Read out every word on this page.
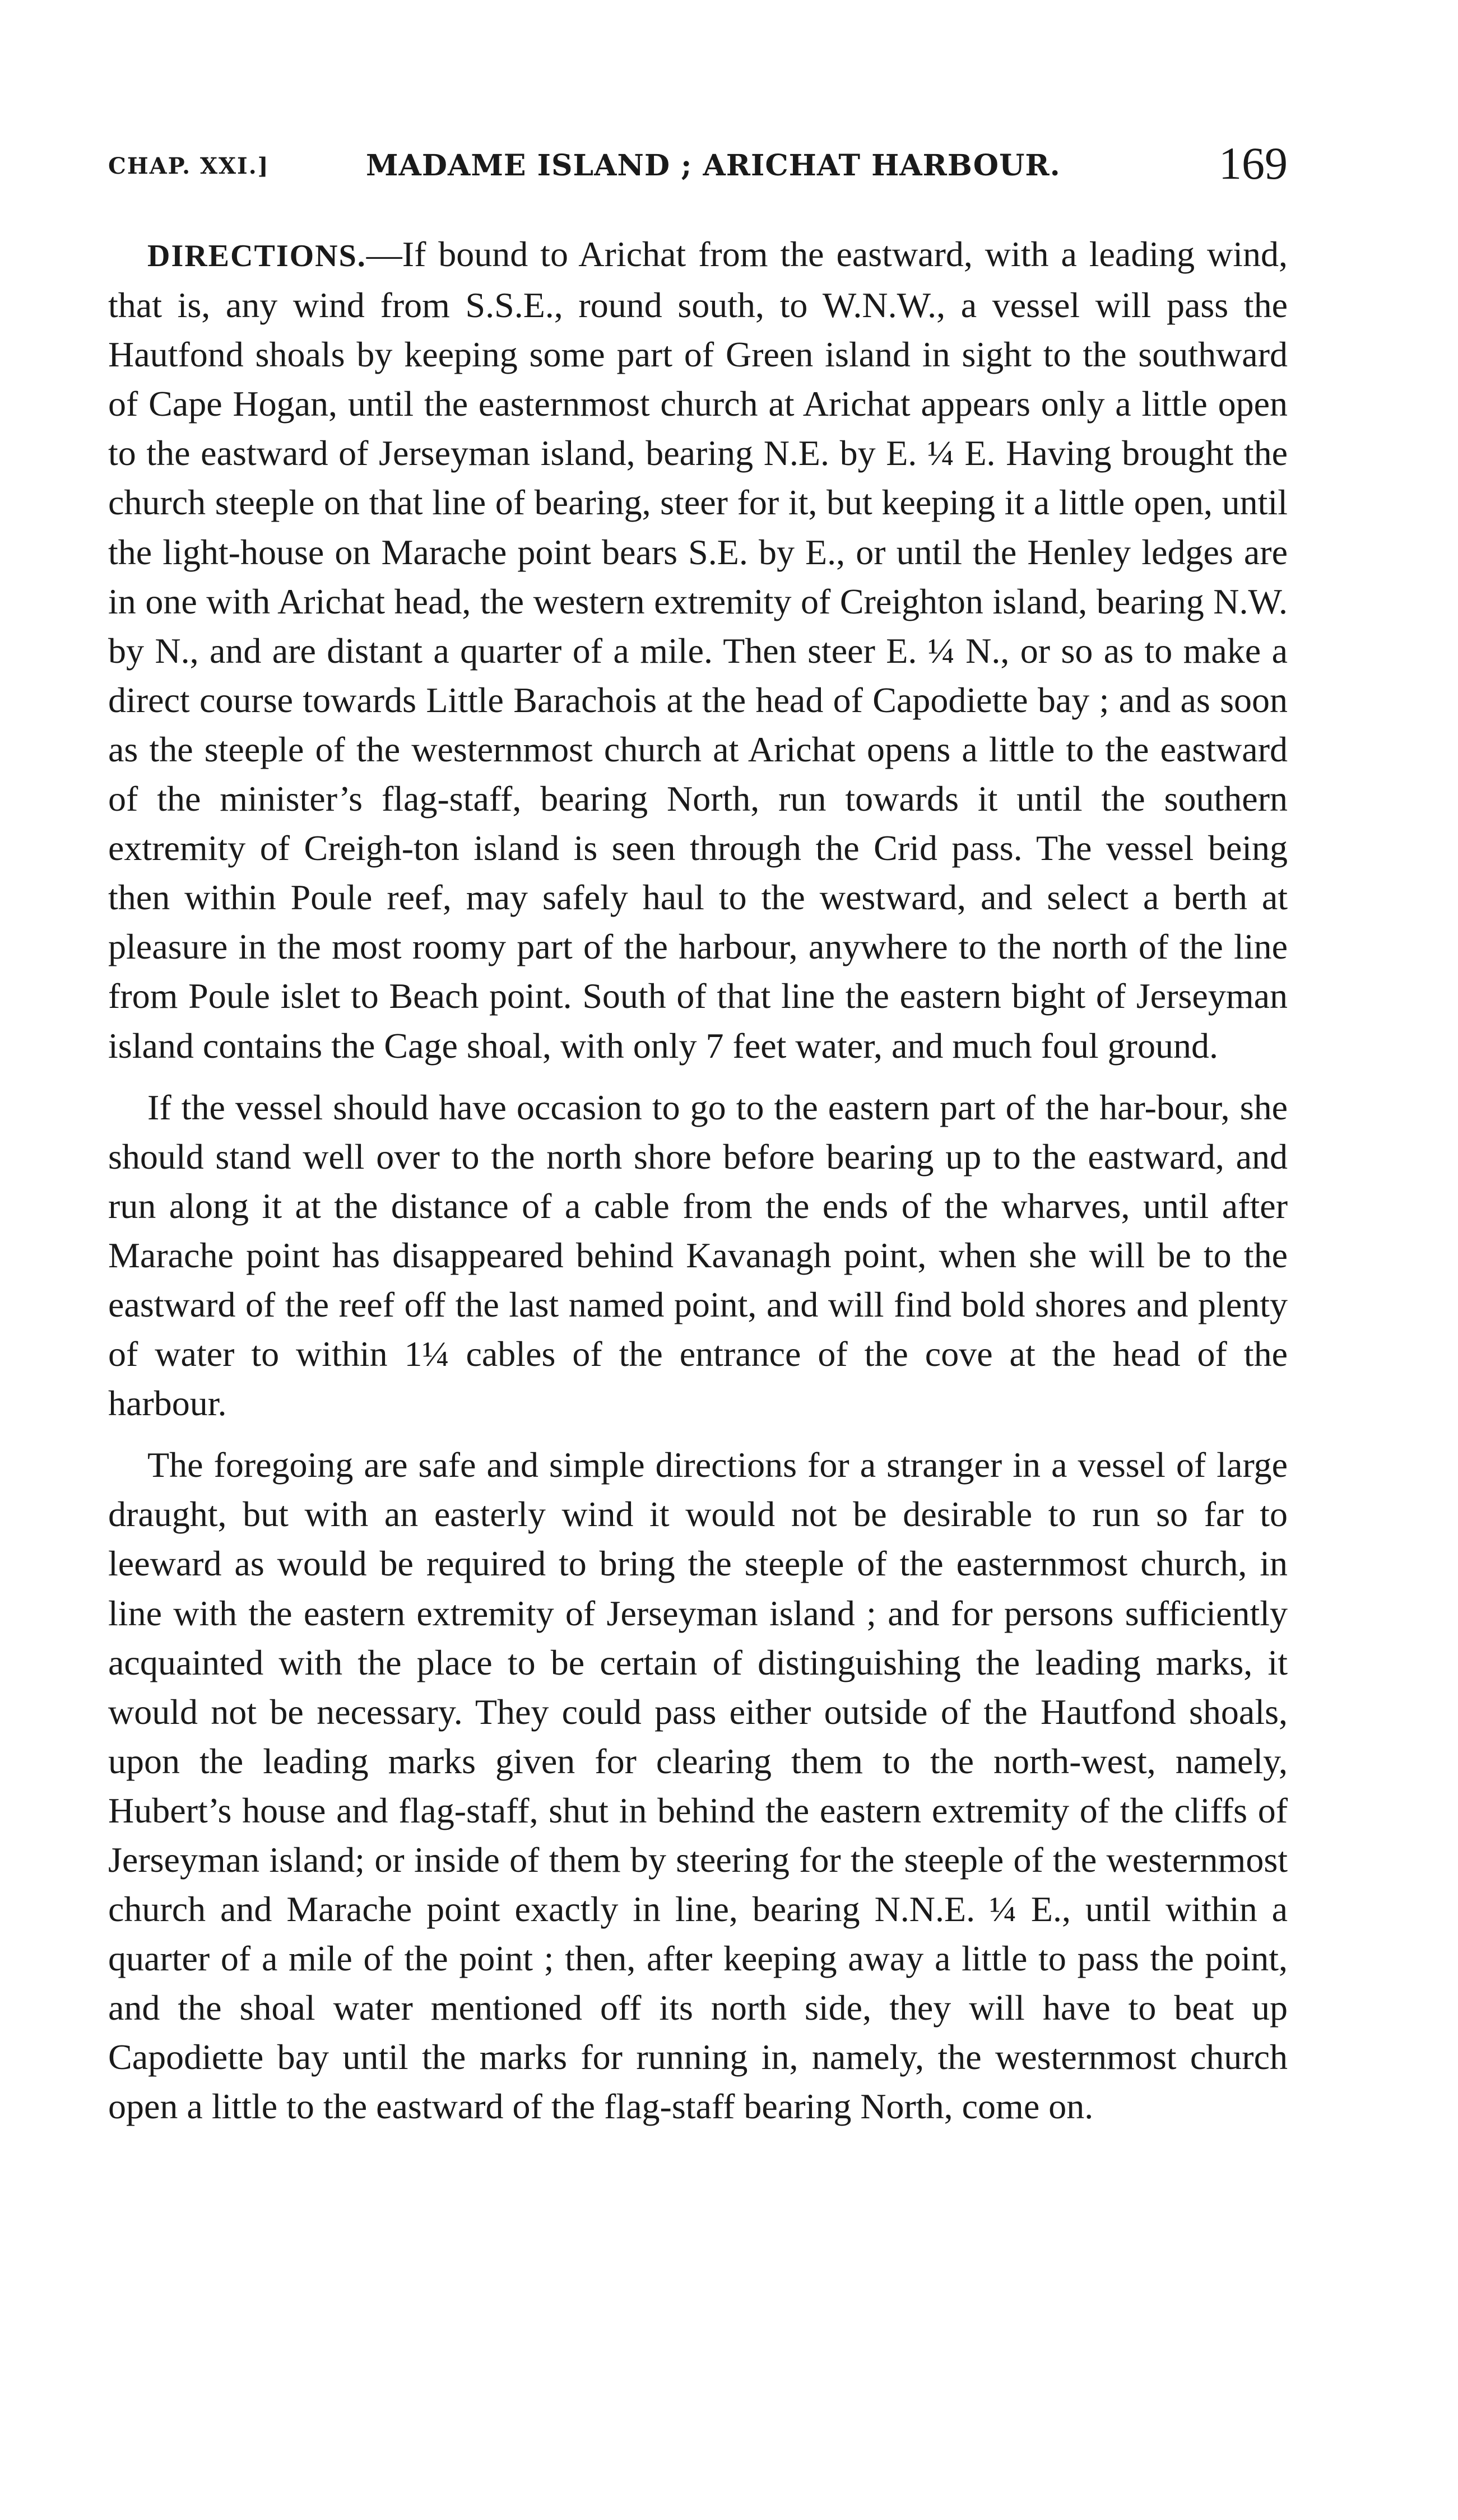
CHAP. XXI.]	MADAME ISLAND ; ARICHAT HARBOUR.	169

DIRECTIONS.—If bound to Arichat from the eastward, with a leading wind, that is, any wind from S.S.E., round south, to W.N.W., a vessel will pass the Hautfond shoals by keeping some part of Green island in sight to the southward of Cape Hogan, until the easternmost church at Arichat appears only a little open to the eastward of Jerseyman island, bearing N.E. by E. ¼ E. Having brought the church steeple on that line of bearing, steer for it, but keeping it a little open, until the light-house on Marache point bears S.E. by E., or until the Henley ledges are in one with Arichat head, the western extremity of Creighton island, bearing N.W. by N., and are distant a quarter of a mile. Then steer E. ¼ N., or so as to make a direct course towards Little Barachois at the head of Capodiette bay ; and as soon as the steeple of the westernmost church at Arichat opens a little to the eastward of the minister’s flag-staff, bearing North, run towards it until the southern extremity of Creigh-ton island is seen through the Crid pass. The vessel being then within Poule reef, may safely haul to the westward, and select a berth at pleasure in the most roomy part of the harbour, anywhere to the north of the line from Poule islet to Beach point. South of that line the eastern bight of Jerseyman island contains the Cage shoal, with only 7 feet water, and much foul ground.

If the vessel should have occasion to go to the eastern part of the har-bour, she should stand well over to the north shore before bearing up to the eastward, and run along it at the distance of a cable from the ends of the wharves, until after Marache point has disappeared behind Kavanagh point, when she will be to the eastward of the reef off the last named point, and will find bold shores and plenty of water to within 1¼ cables of the entrance of the cove at the head of the harbour.

The foregoing are safe and simple directions for a stranger in a vessel of large draught, but with an easterly wind it would not be desirable to run so far to leeward as would be required to bring the steeple of the easternmost church, in line with the eastern extremity of Jerseyman island ; and for persons sufficiently acquainted with the place to be certain of distinguishing the leading marks, it would not be necessary. They could pass either outside of the Hautfond shoals, upon the leading marks given for clearing them to the north-west, namely, Hubert’s house and flag-staff, shut in behind the eastern extremity of the cliffs of Jerseyman island; or inside of them by steering for the steeple of the westernmost church and Marache point exactly in line, bearing N.N.E. ¼ E., until within a quarter of a mile of the point ; then, after keeping away a little to pass the point, and the shoal water mentioned off its north side, they will have to beat up Capodiette bay until the marks for running in, namely, the westernmost church open a little to the eastward of the flag-staff bearing North, come on.
